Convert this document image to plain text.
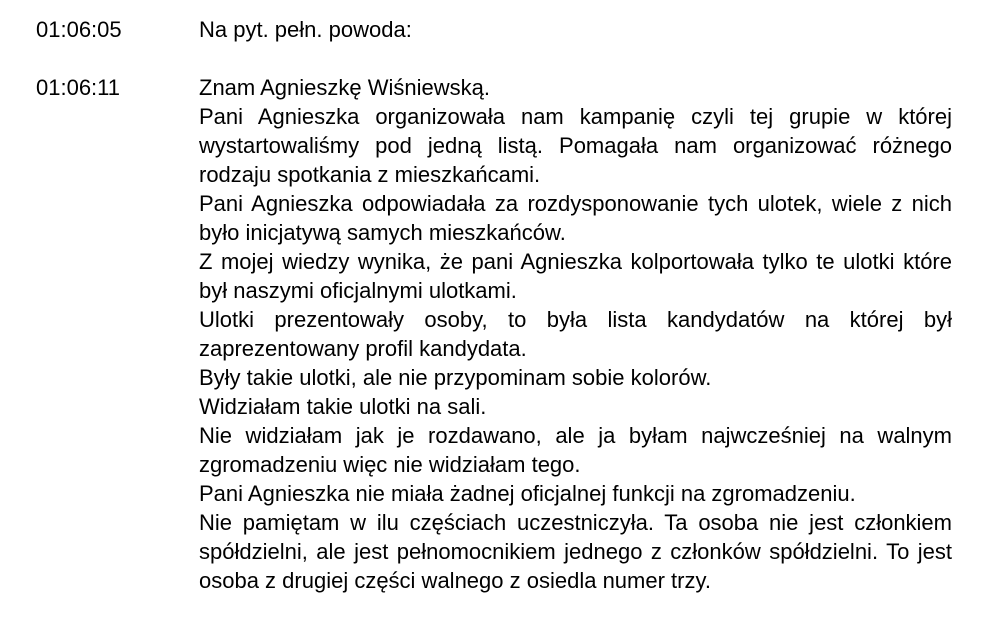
01:06:05	Na pyt. pełn. powoda:

01:06:11	Znam Agnieszkę Wiśniewską.

Pani Agnieszka organizowała nam kampanię czyli tej grupie w której wystartowaliśmy pod jedną listą. Pomagała nam organizować różnego rodzaju spotkania z mieszkańcami.

Pani Agnieszka odpowiadała za rozdysponowanie tych ulotek, wiele z nich było inicjatywą samych mieszkańców.

Z mojej wiedzy wynika, że pani Agnieszka kolportowała tylko te ulotki które był naszymi oficjalnymi ulotkami.

Ulotki prezentowały osoby, to była lista kandydatów na której był zaprezentowany profil kandydata.

Były takie ulotki, ale nie przypominam sobie kolorów.

Widziałam takie ulotki na sali.

Nie widziałam jak je rozdawano, ale ja byłam najwcześniej na walnym zgromadzeniu więc nie widziałam tego.

Pani Agnieszka nie miała żadnej oficjalnej funkcji na zgromadzeniu.

Nie pamiętam w ilu częściach uczestniczyła. Ta osoba nie jest członkiem spółdzielni, ale jest pełnomocnikiem jednego z członków spółdzielni. To jest osoba z drugiej części walnego z osiedla numer trzy.
